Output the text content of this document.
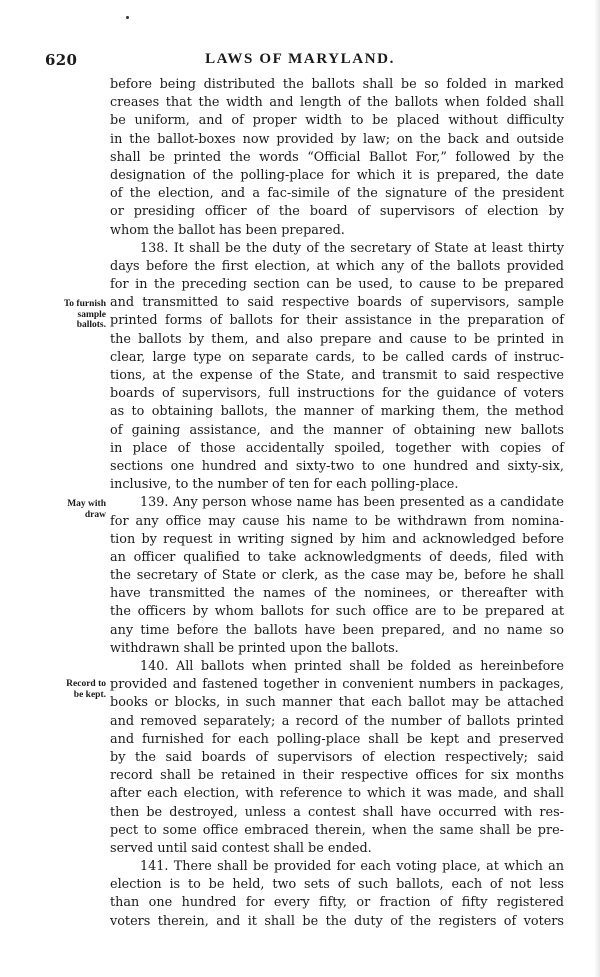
620	LAWS OF MARYLAND.
To furnish
sample
ballots.
May with
draw
Record to
be kept.
before being distributed the ballots shall be so folded in marked
creases that the width and length of the ballots when folded shall
be uniform, and of proper width to be placed without difficulty
in the ballot-boxes now provided by law; on the back and outside
shall be printed the words “Official Ballot For,” followed by the
designation of the polling-place for which it is prepared, the date
of the election, and a fac-simile of the signature of the president
or presiding officer of the board of supervisors of election by
whom the ballot has been prepared.
138. It shall be the duty of the secretary of State at least thirty
days before the first election, at which any of the ballots provided
for in the preceding section can be used, to cause to be prepared
and transmitted to said respective boards of supervisors, sample
printed forms of ballots for their assistance in the preparation of
the ballots by them, and also prepare and cause to be printed in
clear, large type on separate cards, to be called cards of instruc-
tions, at the expense of the State, and transmit to said respective
boards of supervisors, full instructions for the guidance of voters
as to obtaining ballots, the manner of marking them, the method
of gaining assistance, and the manner of obtaining new ballots
in place of those accidentally spoiled, together with copies of
sections one hundred and sixty-two to one hundred and sixty-six,
inclusive, to the number of ten for each polling-place.
139. Any person whose name has been presented as a candidate
for any office may cause his name to be withdrawn from nomina-
tion by request in writing signed by him and acknowledged before
an officer qualified to take acknowledgments of deeds, filed with
the secretary of State or clerk, as the case may be, before he shall
have transmitted the names of the nominees, or thereafter with
the officers by whom ballots for such office are to be prepared at
any time before the ballots have been prepared, and no name so
withdrawn shall be printed upon the ballots.
140. All ballots when printed shall be folded as hereinbefore
provided and fastened together in convenient numbers in packages,
books or blocks, in such manner that each ballot may be attached
and removed separately; a record of the number of ballots printed
and furnished for each polling-place shall be kept and preserved
by the said boards of supervisors of election respectively; said
record shall be retained in their respective offices for six months
after each election, with reference to which it was made, and shall
then be destroyed, unless a contest shall have occurred with res-
pect to some office embraced therein, when the same shall be pre-
served until said contest shall be ended.
141. There shall be provided for each voting place, at which an
election is to be held, two sets of such ballots, each of not less
than one hundred for every fifty, or fraction of fifty registered
voters therein, and it shall be the duty of the registers of voters
